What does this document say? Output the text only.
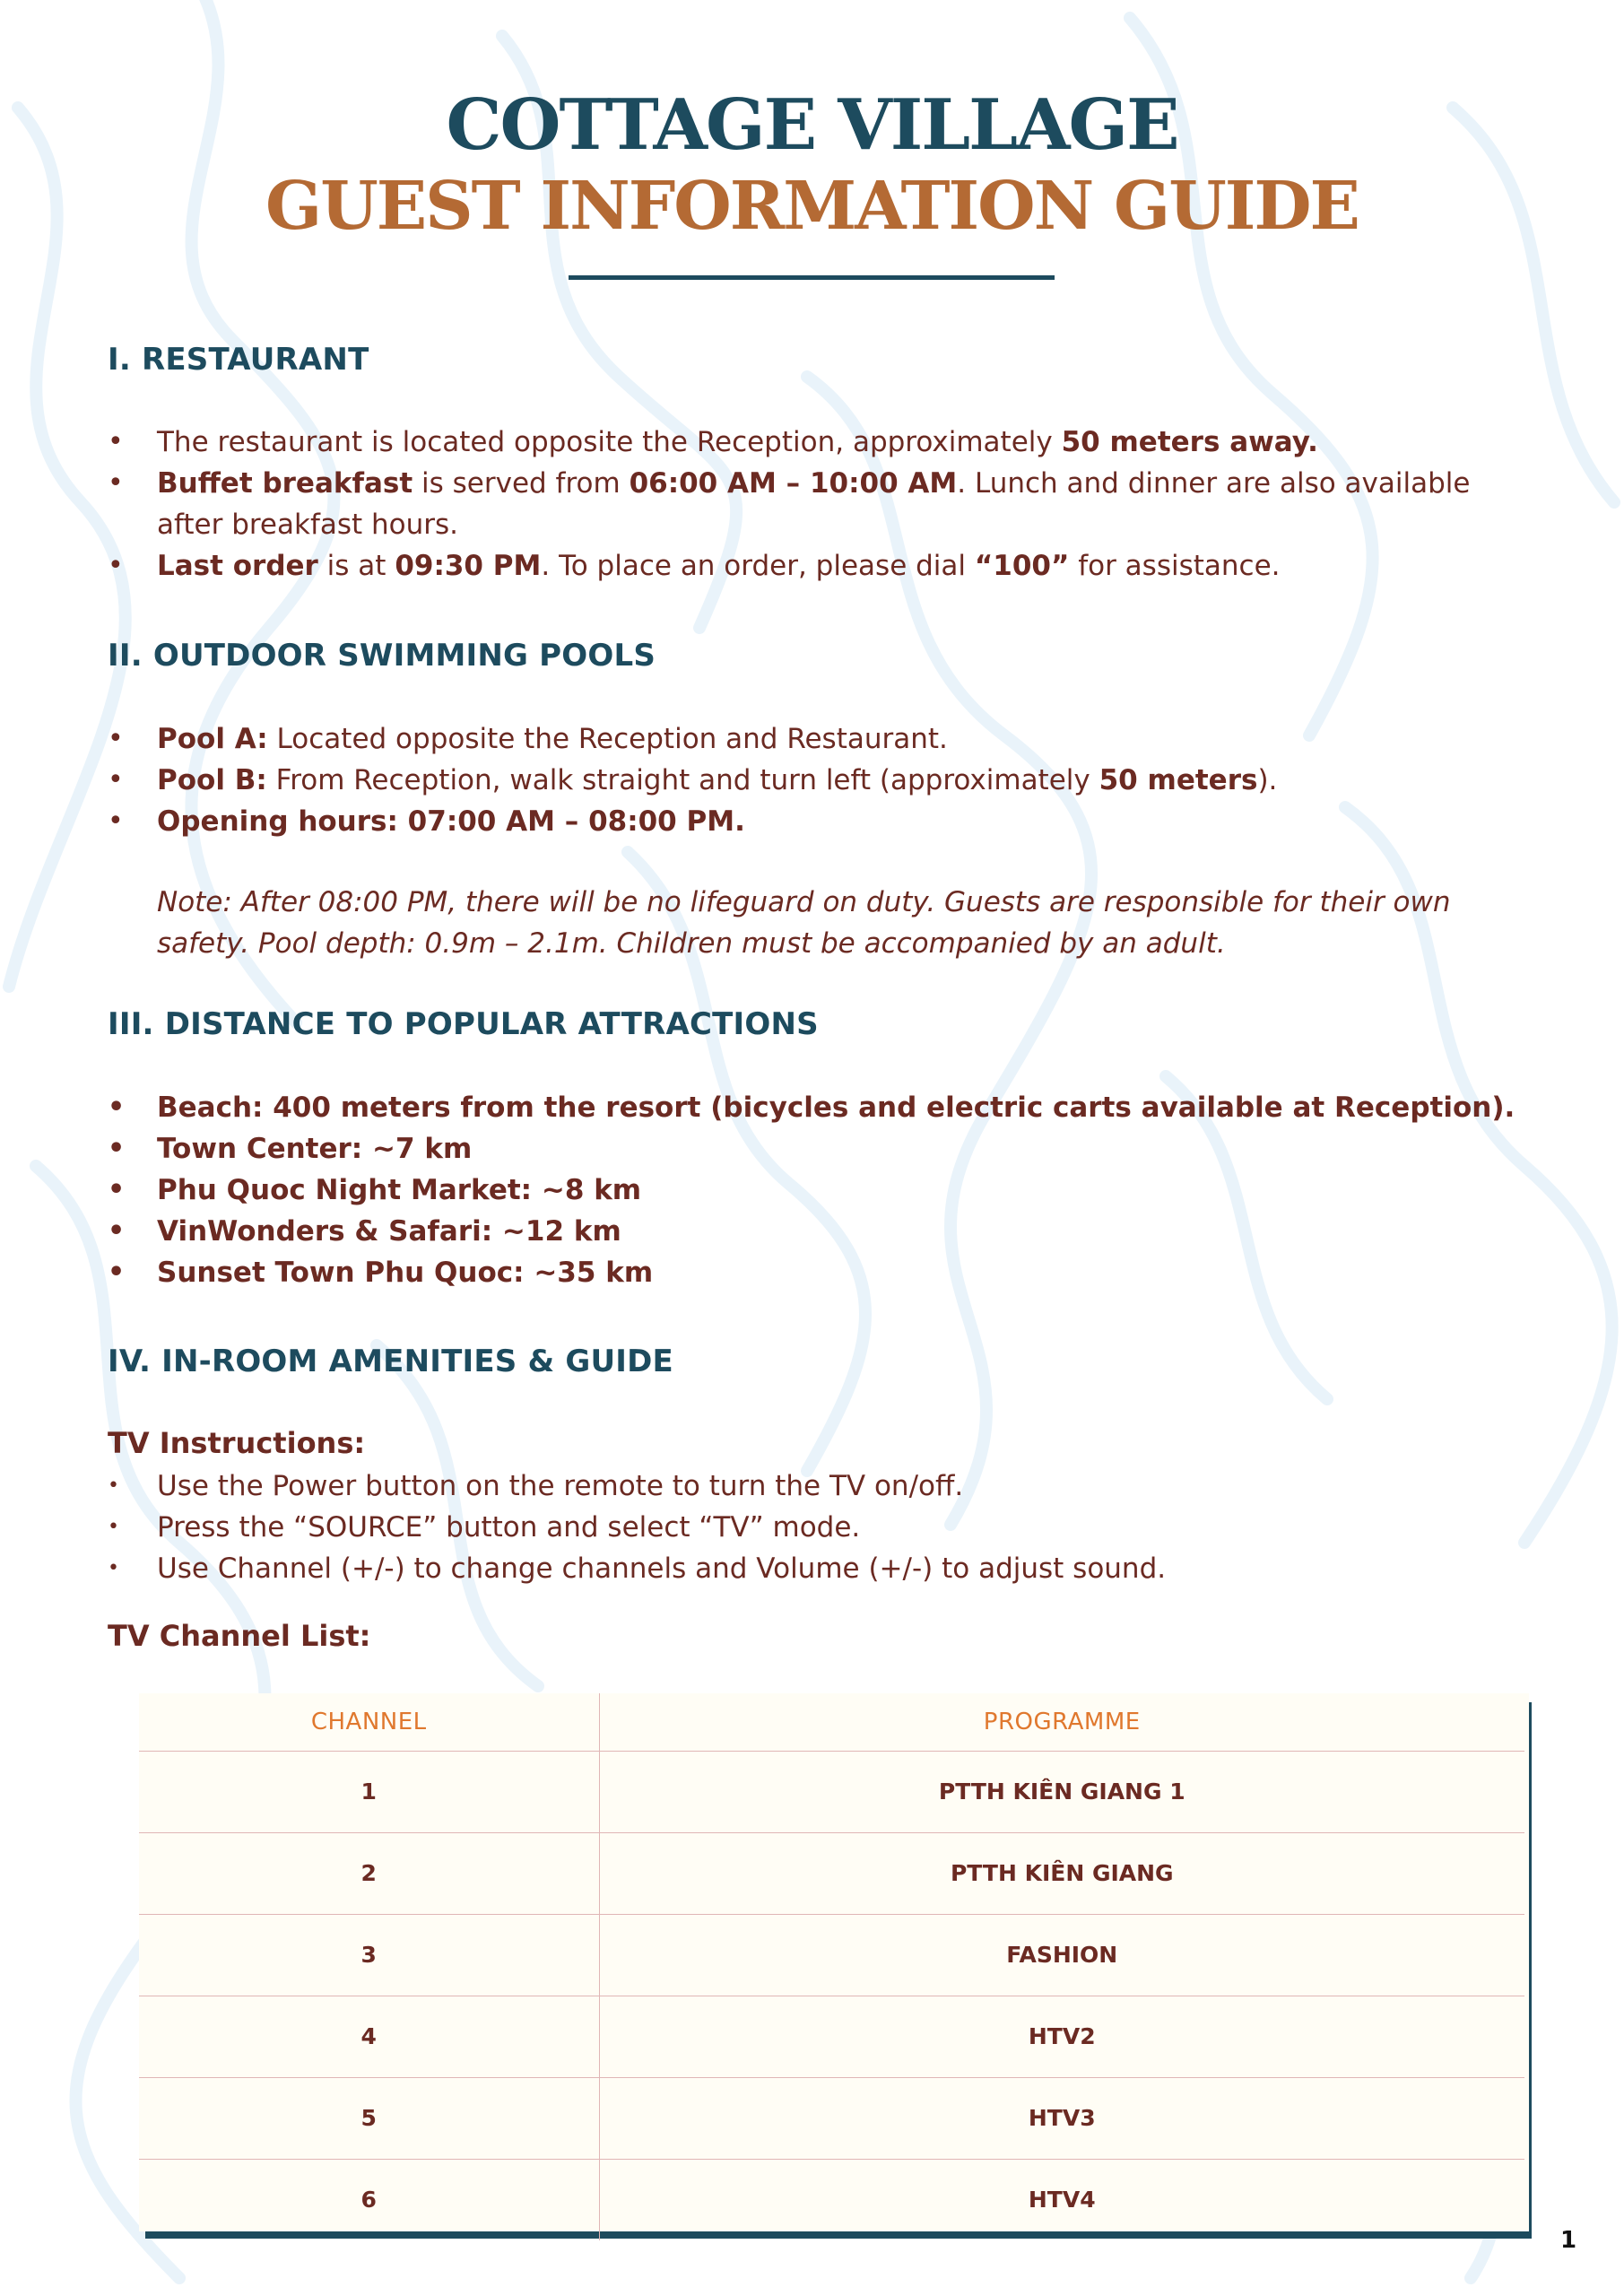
COTTAGE VILLAGE
GUEST INFORMATION GUIDE
I. RESTAURANT
• The restaurant is located opposite the Reception, approximately 50 meters away.
• Buffet breakfast is served from 06:00 AM – 10:00 AM. Lunch and dinner are also available after breakfast hours.
• Last order is at 09:30 PM. To place an order, please dial “100” for assistance.
II. OUTDOOR SWIMMING POOLS
• Pool A: Located opposite the Reception and Restaurant.
• Pool B: From Reception, walk straight and turn left (approximately 50 meters).
• Opening hours: 07:00 AM – 08:00 PM.
Note: After 08:00 PM, there will be no lifeguard on duty. Guests are responsible for their own safety. Pool depth: 0.9m – 2.1m. Children must be accompanied by an adult.
III. DISTANCE TO POPULAR ATTRACTIONS
• Beach: 400 meters from the resort (bicycles and electric carts available at Reception).
• Town Center: ~7 km
• Phu Quoc Night Market: ~8 km
• VinWonders & Safari: ~12 km
• Sunset Town Phu Quoc: ~35 km
IV. IN-ROOM AMENITIES & GUIDE
TV Instructions:
• Use the Power button on the remote to turn the TV on/off.
• Press the “SOURCE” button and select “TV” mode.
• Use Channel (+/-) to change channels and Volume (+/-) to adjust sound.
TV Channel List:
CHANNEL	PROGRAMME
1	PTTH KIÊN GIANG 1
2	PTTH KIÊN GIANG
3	FASHION
4	HTV2
5	HTV3
6	HTV4
1
